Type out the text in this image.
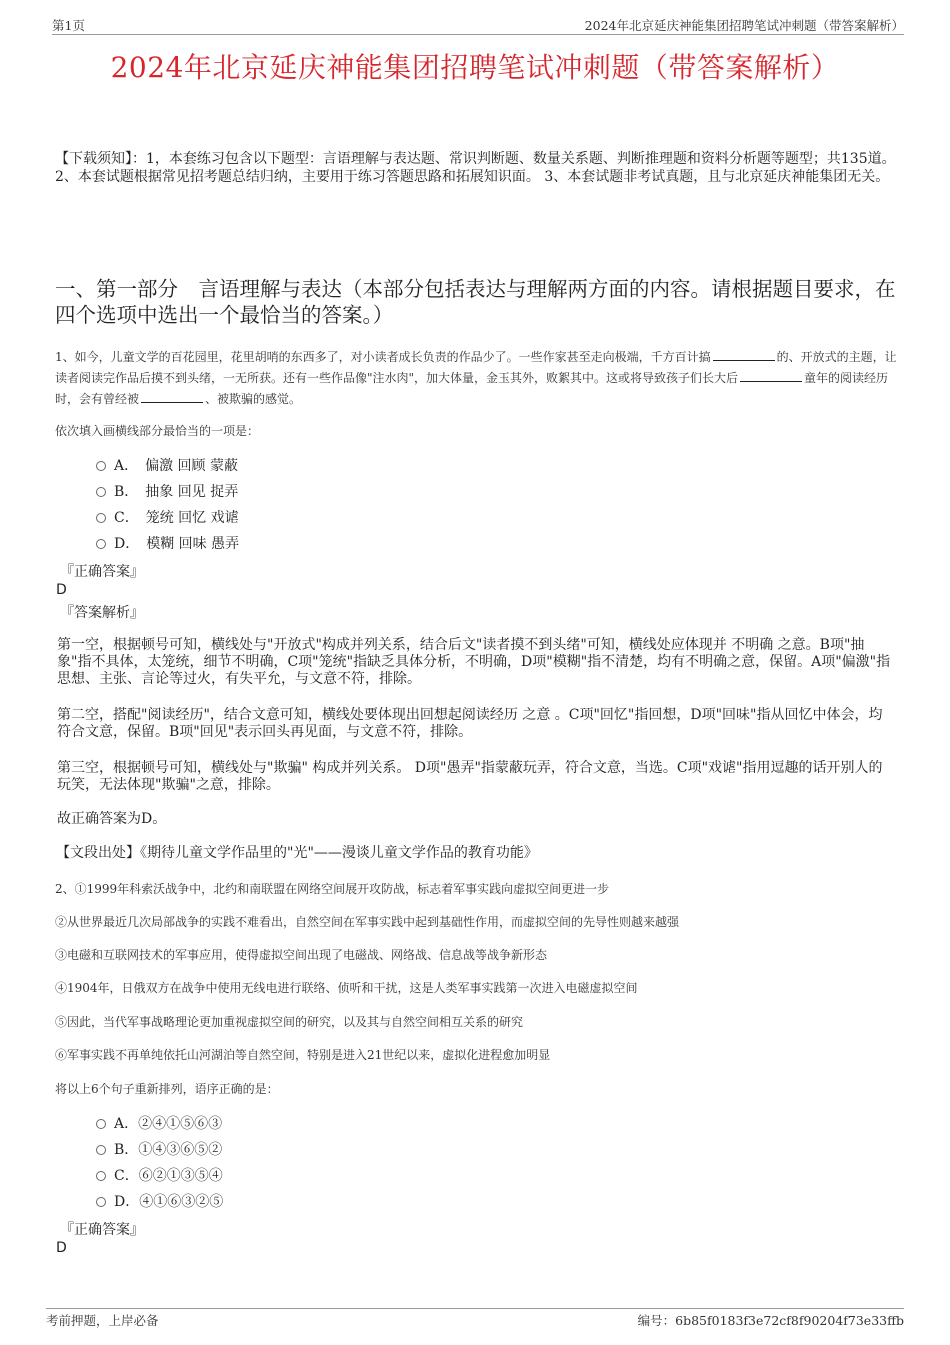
第1页	2024年北京延庆神能集团招聘笔试冲刺题（带答案解析）
2024年北京延庆神能集团招聘笔试冲刺题（带答案解析）
【下载须知】：1，本套练习包含以下题型：言语理解与表达题、常识判断题、数量关系题、判断推理题和资料分析题等题型；共135道。 2、本套试题根据常见招考题总结归纳，主要用于练习答题思路和拓展知识面。 3、本套试题非考试真题，且与北京延庆神能集团无关。
一、第一部分　言语理解与表达（本部分包括表达与理解两方面的内容。请根据题目要求，在四个选项中选出一个最恰当的答案。）
1、如今，儿童文学的百花园里，花里胡哨的东西多了，对小读者成长负责的作品少了。一些作家甚至走向极端，千方百计搞	的、开放式的主题，让读者阅读完作品后摸不到头绪，一无所获。还有一些作品像"注水肉"，加大体量，金玉其外，败絮其中。这或将导致孩子们长大后	童年的阅读经历时，会有曾经被	、被欺骗的感觉。
依次填入画横线部分最恰当的一项是：
A．　偏激 回顾 蒙蔽
B．　抽象 回见 捉弄
C．　笼统 回忆 戏谑
D．　模糊 回味 愚弄
『正确答案』
D
『答案解析』
第一空，根据顿号可知，横线处与"开放式"构成并列关系，结合后文"读者摸不到头绪"可知，横线处应体现并 不明确 之意。B项"抽象"指不具体，太笼统，细节不明确，C项"笼统"指缺乏具体分析，不明确，D项"模糊"指不清楚，均有不明确之意，保留。A项"偏激"指思想、主张、言论等过火，有失平允，与文意不符，排除。
第二空，搭配"阅读经历"，结合文意可知，横线处要体现出回想起阅读经历 之意 。C项"回忆"指回想，D项"回味"指从回忆中体会，均符合文意，保留。B项"回见"表示回头再见面，与文意不符，排除。
第三空，根据顿号可知，横线处与"欺骗" 构成并列关系。 D项"愚弄"指蒙蔽玩弄，符合文意，当选。C项"戏谑"指用逗趣的话开别人的玩笑，无法体现"欺骗"之意，排除。
故正确答案为D。
【文段出处】《期待儿童文学作品里的"光"——漫谈儿童文学作品的教育功能》
2、①1999年科索沃战争中，北约和南联盟在网络空间展开攻防战，标志着军事实践向虚拟空间更进一步
②从世界最近几次局部战争的实践不难看出，自然空间在军事实践中起到基础性作用，而虚拟空间的先导性则越来越强
③电磁和互联网技术的军事应用，使得虚拟空间出现了电磁战、网络战、信息战等战争新形态
④1904年，日俄双方在战争中使用无线电进行联络、侦听和干扰，这是人类军事实践第一次进入电磁虚拟空间
⑤因此，当代军事战略理论更加重视虚拟空间的研究，以及其与自然空间相互关系的研究
⑥军事实践不再单纯依托山河湖泊等自然空间，特别是进入21世纪以来，虚拟化进程愈加明显
将以上6个句子重新排列，语序正确的是：
A．②④①⑤⑥③
B．①④③⑥⑤②
C．⑥②①③⑤④
D．④①⑥③②⑤
『正确答案』
D
考前押题，上岸必备	编号：6b85f0183f3e72cf8f90204f73e33ffb
